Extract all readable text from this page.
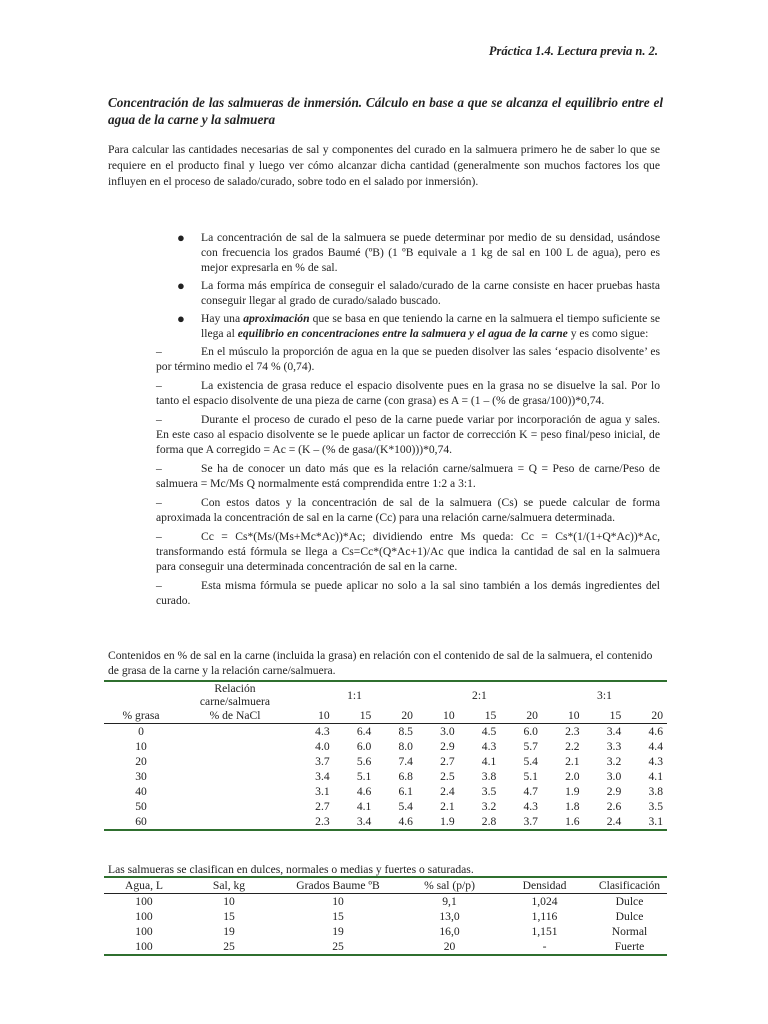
Práctica 1.4. Lectura previa n. 2.
Concentración de las salmueras de inmersión. Cálculo en base a que se alcanza el equilibrio entre el agua de la carne y la salmuera
Para calcular las cantidades necesarias de sal y componentes del curado en la salmuera primero he de saber lo que se requiere en el producto final y luego ver cómo alcanzar dicha cantidad (generalmente son muchos factores los que influyen en el proceso de salado/curado, sobre todo en el salado por inmersión).
● La concentración de sal de la salmuera se puede determinar por medio de su densidad, usándose con frecuencia los grados Baumé (ºB) (1 ºB equivale a 1 kg de sal en 100 L de agua), pero es mejor expresarla en % de sal.
● La forma más empírica de conseguir el salado/curado de la carne consiste en hacer pruebas hasta conseguir llegar al grado de curado/salado buscado.
● Hay una aproximación que se basa en que teniendo la carne en la salmuera el tiempo suficiente se llega al equilibrio en concentraciones entre la salmuera y el agua de la carne y es como sigue:
–	En el músculo la proporción de agua en la que se pueden disolver las sales ‘espacio disolvente’ es por término medio el 74 % (0,74).
–	La existencia de grasa reduce el espacio disolvente pues en la grasa no se disuelve la sal. Por lo tanto el espacio disolvente de una pieza de carne (con grasa) es A = (1 – (% de grasa/100))*0,74.
–	Durante el proceso de curado el peso de la carne puede variar por incorporación de agua y sales. En este caso al espacio disolvente se le puede aplicar un factor de corrección K = peso final/peso inicial, de forma que A corregido = Ac = (K – (% de gasa/(K*100)))*0,74.
–	Se ha de conocer un dato más que es la relación carne/salmuera = Q = Peso de carne/Peso de salmuera = Mc/Ms Q normalmente está comprendida entre 1:2 a 3:1.
–	Con estos datos y la concentración de sal de la salmuera (Cs) se puede calcular de forma aproximada la concentración de sal en la carne (Cc) para una relación carne/salmuera determinada.
–	Cc = Cs*(Ms/(Ms+Mc*Ac))*Ac; dividiendo entre Ms queda: Cc = Cs*(1/(1+Q*Ac))*Ac, transformando está fórmula se llega a Cs=Cc*(Q*Ac+1)/Ac que indica la cantidad de sal en la salmuera para conseguir una determinada concentración de sal en la carne.
–	Esta misma fórmula se puede aplicar no solo a la sal sino también a los demás ingredientes del curado.
Contenidos en % de sal en la carne (incluida la grasa) en relación con el contenido de sal de la salmuera, el contenido de grasa de la carne y la relación carne/salmuera.
	Relación carne/salmuera	1:1			2:1			3:1		
% grasa	% de NaCl	10	15	20	10	15	20	10	15	20
0		4.3	6.4	8.5	3.0	4.5	6.0	2.3	3.4	4.6
10		4.0	6.0	8.0	2.9	4.3	5.7	2.2	3.3	4.4
20		3.7	5.6	7.4	2.7	4.1	5.4	2.1	3.2	4.3
30		3.4	5.1	6.8	2.5	3.8	5.1	2.0	3.0	4.1
40		3.1	4.6	6.1	2.4	3.5	4.7	1.9	2.9	3.8
50		2.7	4.1	5.4	2.1	3.2	4.3	1.8	2.6	3.5
60		2.3	3.4	4.6	1.9	2.8	3.7	1.6	2.4	3.1
Las salmueras se clasifican en dulces, normales o medias y fuertes o saturadas.
Agua, L	Sal, kg	Grados Baume ºB	% sal (p/p)	Densidad	Clasificación
100	10	10	9,1	1,024	Dulce
100	15	15	13,0	1,116	Dulce
100	19	19	16,0	1,151	Normal
100	25	25	20	-	Fuerte
